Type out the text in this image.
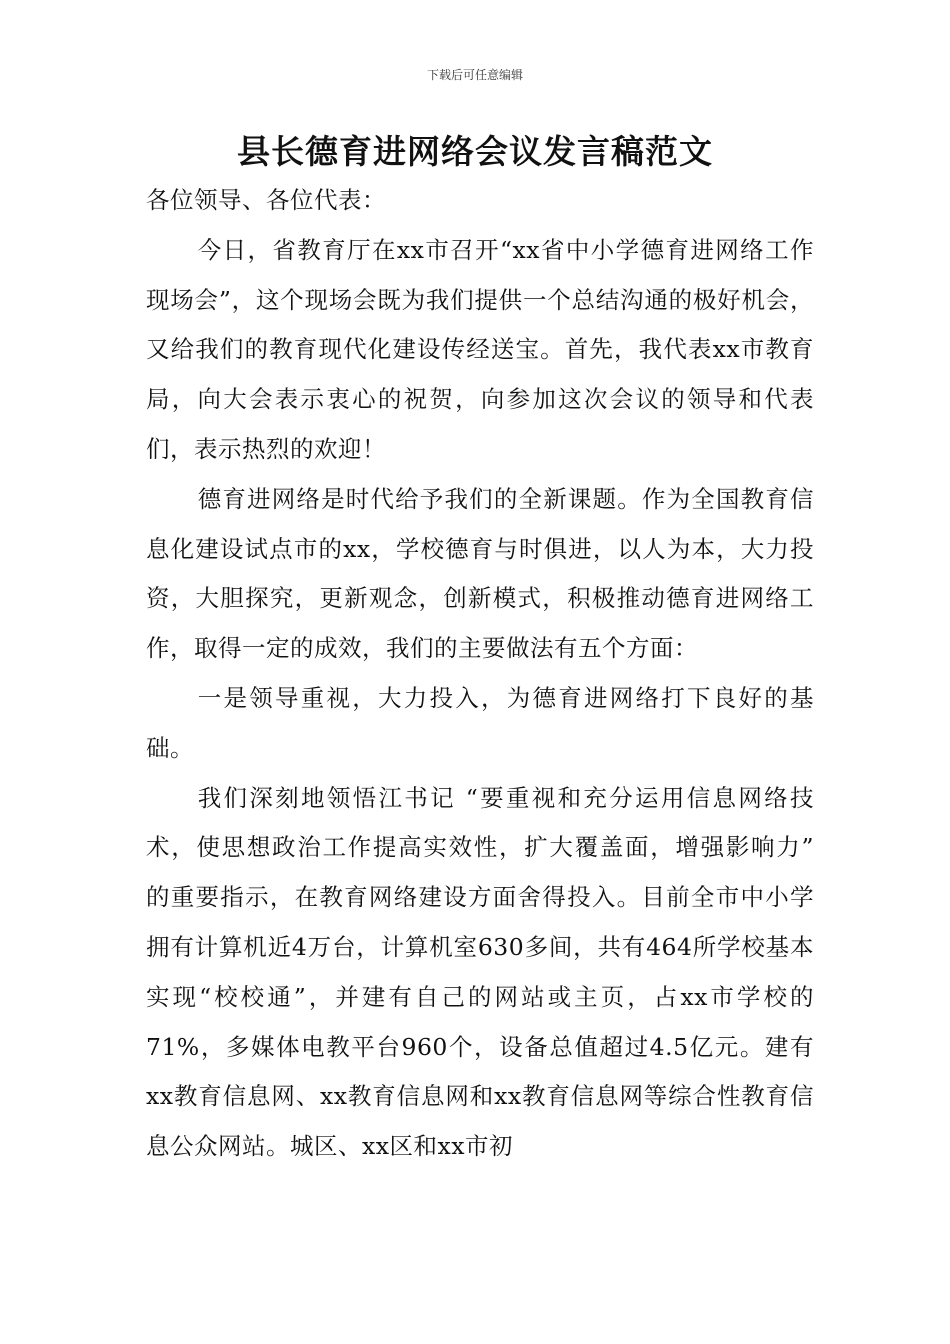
下载后可任意编辑
县长德育进网络会议发言稿范文

各位领导、各位代表：

今日，省教育厅在xx市召开“xx省中小学德育进网络工作现场会”，这个现场会既为我们提供一个总结沟通的极好机会，又给我们的教育现代化建设传经送宝。首先，我代表xx市教育局，向大会表示衷心的祝贺，向参加这次会议的领导和代表们，表示热烈的欢迎！

德育进网络是时代给予我们的全新课题。作为全国教育信息化建设试点市的xx，学校德育与时俱进，以人为本，大力投资，大胆探究，更新观念，创新模式，积极推动德育进网络工作，取得一定的成效，我们的主要做法有五个方面：

一是领导重视，大力投入，为德育进网络打下良好的基础。

我们深刻地领悟江书记 “要重视和充分运用信息网络技术，使思想政治工作提高实效性，扩大覆盖面，增强影响力” 的重要指示，在教育网络建设方面舍得投入。目前全市中小学拥有计算机近4万台，计算机室630多间，共有464所学校基本实现“校校通”，并建有自己的网站或主页，占xx市学校的71%，多媒体电教平台960个，设备总值超过4.5亿元。建有xx教育信息网、xx教育信息网和xx教育信息网等综合性教育信息公众网站。城区、xx区和xx市初
